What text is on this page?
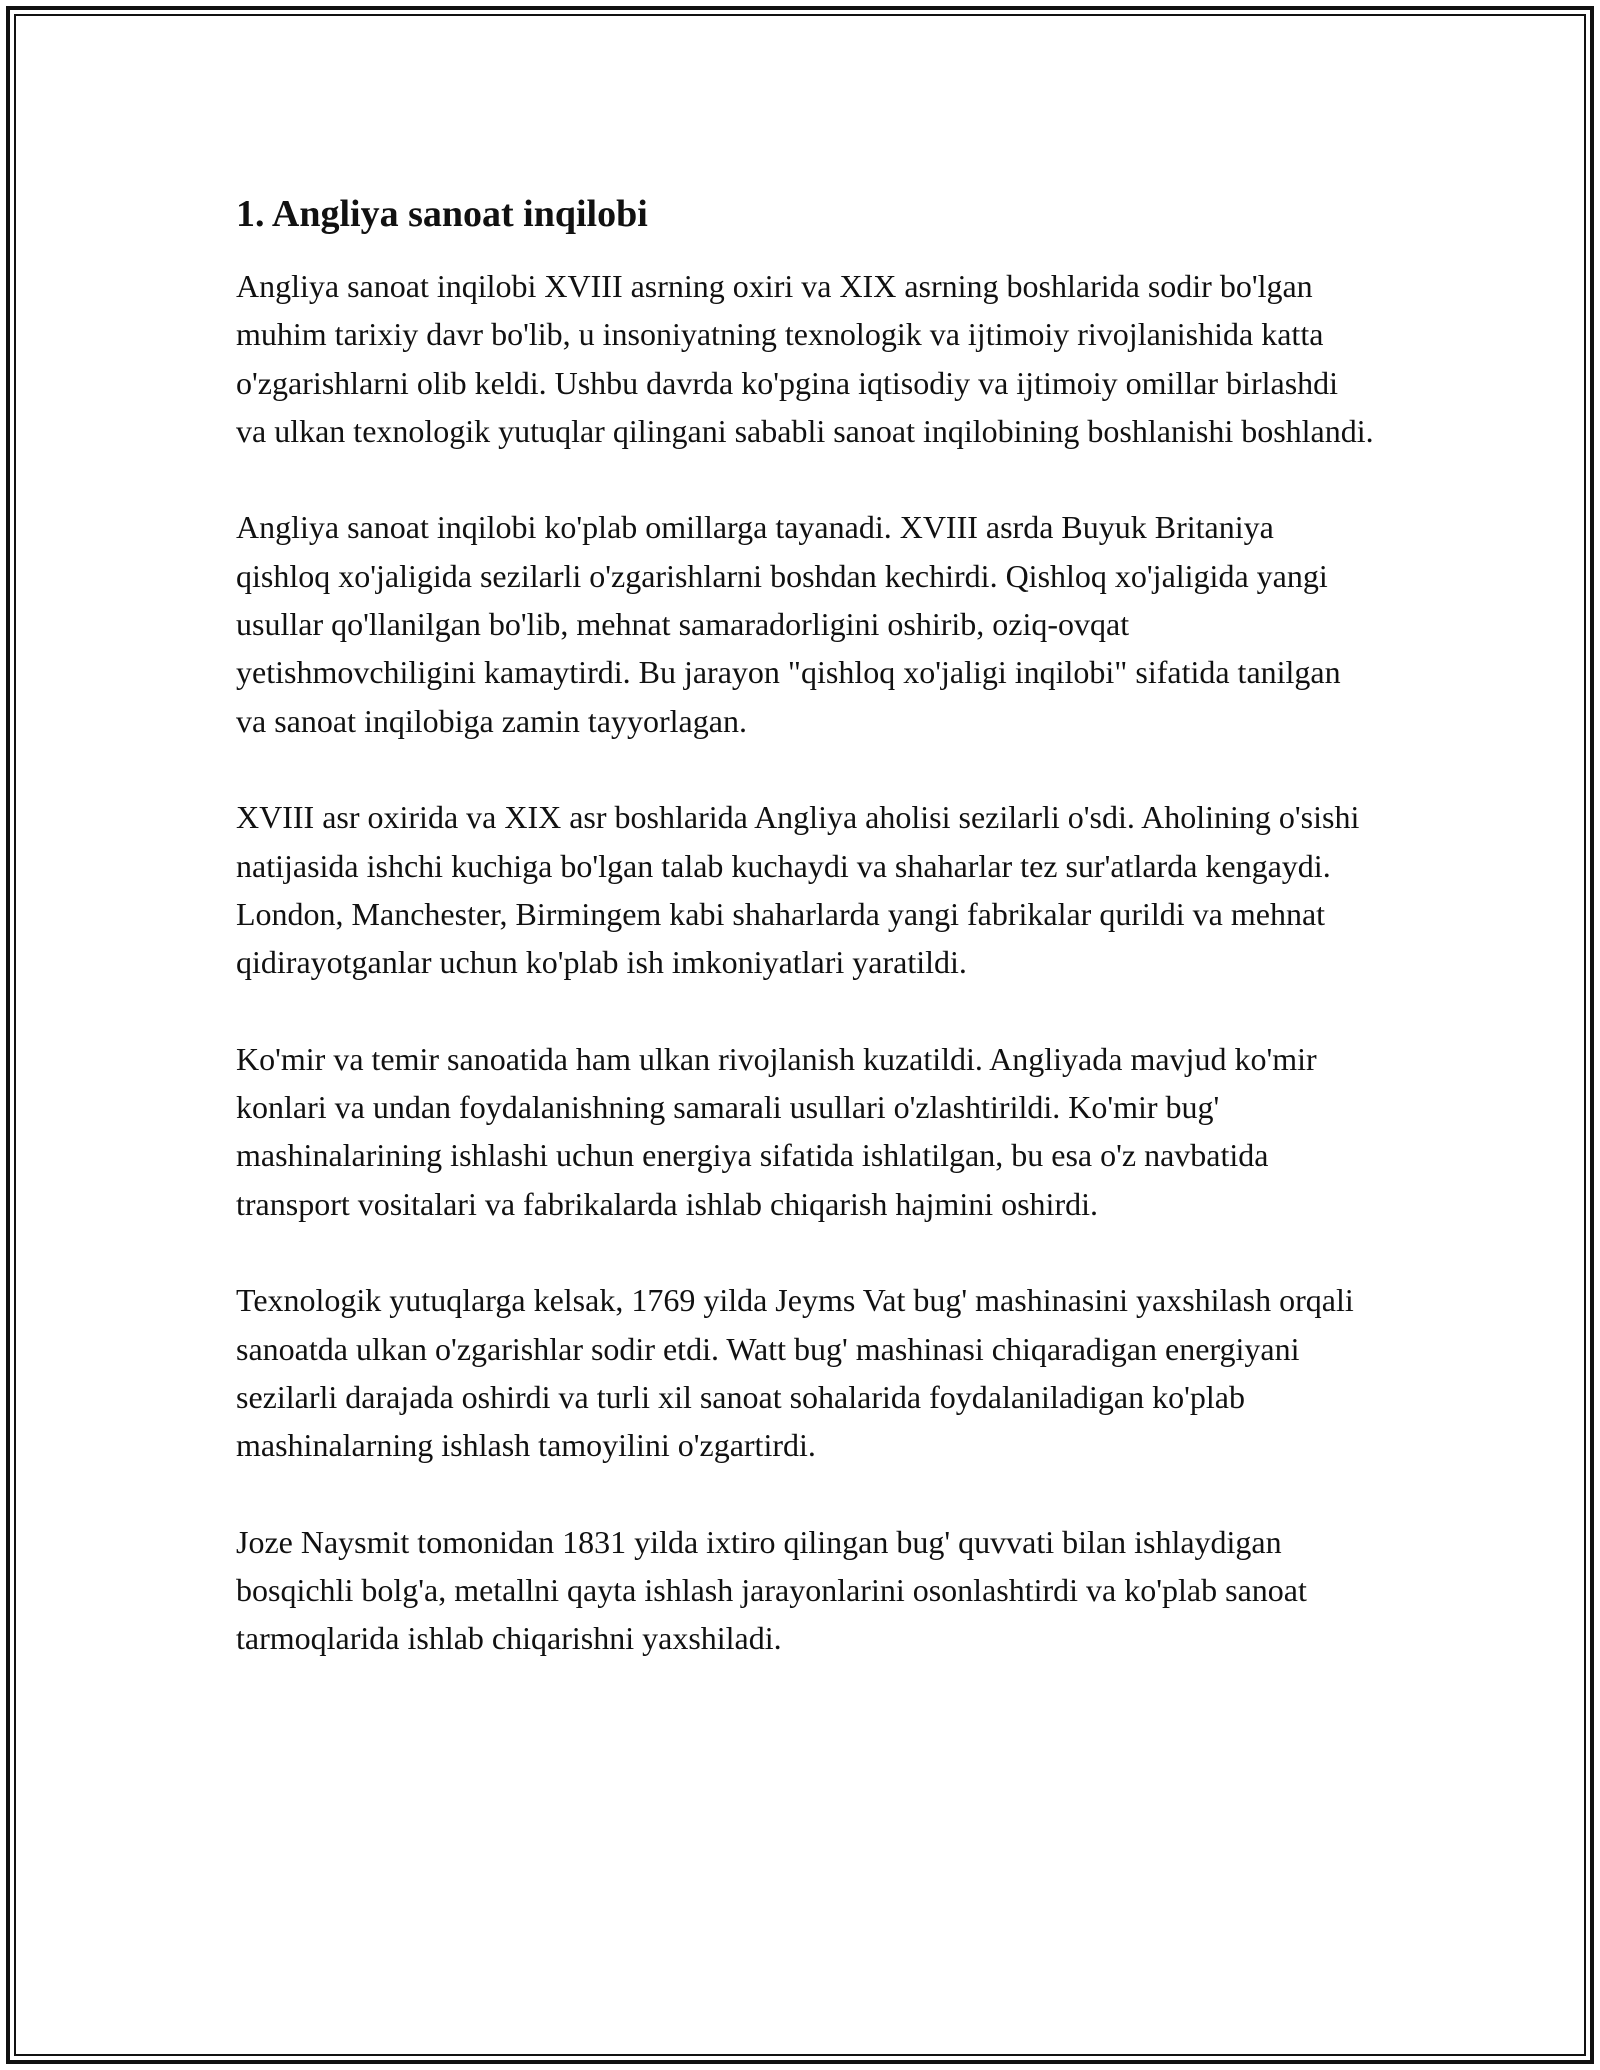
1. Angliya sanoat inqilobi

Angliya sanoat inqilobi XVIII asrning oxiri va XIX asrning boshlarida sodir bo'lgan muhim tarixiy davr bo'lib, u insoniyatning texnologik va ijtimoiy rivojlanishida katta o'zgarishlarni olib keldi. Ushbu davrda ko'pgina iqtisodiy va ijtimoiy omillar birlashdi va ulkan texnologik yutuqlar qilingani sababli sanoat inqilobining boshlanishi boshlandi.

Angliya sanoat inqilobi ko'plab omillarga tayanadi. XVIII asrda Buyuk Britaniya qishloq xo'jaligida sezilarli o'zgarishlarni boshdan kechirdi. Qishloq xo'jaligida yangi usullar qo'llanilgan bo'lib, mehnat samaradorligini oshirib, oziq-ovqat yetishmovchiligini kamaytirdi. Bu jarayon "qishloq xo'jaligi inqilobi" sifatida tanilgan va sanoat inqilobiga zamin tayyorlagan.

XVIII asr oxirida va XIX asr boshlarida Angliya aholisi sezilarli o'sdi. Aholining o'sishi natijasida ishchi kuchiga bo'lgan talab kuchaydi va shaharlar tez sur'atlarda kengaydi. London, Manchester, Birmingem kabi shaharlarda yangi fabrikalar qurildi va mehnat qidirayotganlar uchun ko'plab ish imkoniyatlari yaratildi.

Ko'mir va temir sanoatida ham ulkan rivojlanish kuzatildi. Angliyada mavjud ko'mir konlari va undan foydalanishning samarali usullari o'zlashtirildi. Ko'mir bug' mashinalarining ishlashi uchun energiya sifatida ishlatilgan, bu esa o'z navbatida transport vositalari va fabrikalarda ishlab chiqarish hajmini oshirdi.

Texnologik yutuqlarga kelsak, 1769 yilda Jeyms Vat bug' mashinasini yaxshilash orqali sanoatda ulkan o'zgarishlar sodir etdi. Watt bug' mashinasi chiqaradigan energiyani sezilarli darajada oshirdi va turli xil sanoat sohalarida foydalaniladigan ko'plab mashinalarning ishlash tamoyilini o'zgartirdi.

Joze Naysmit tomonidan 1831 yilda ixtiro qilingan bug' quvvati bilan ishlaydigan bosqichli bolg'a, metallni qayta ishlash jarayonlarini osonlashtirdi va ko'plab sanoat tarmoqlarida ishlab chiqarishni yaxshiladi.
